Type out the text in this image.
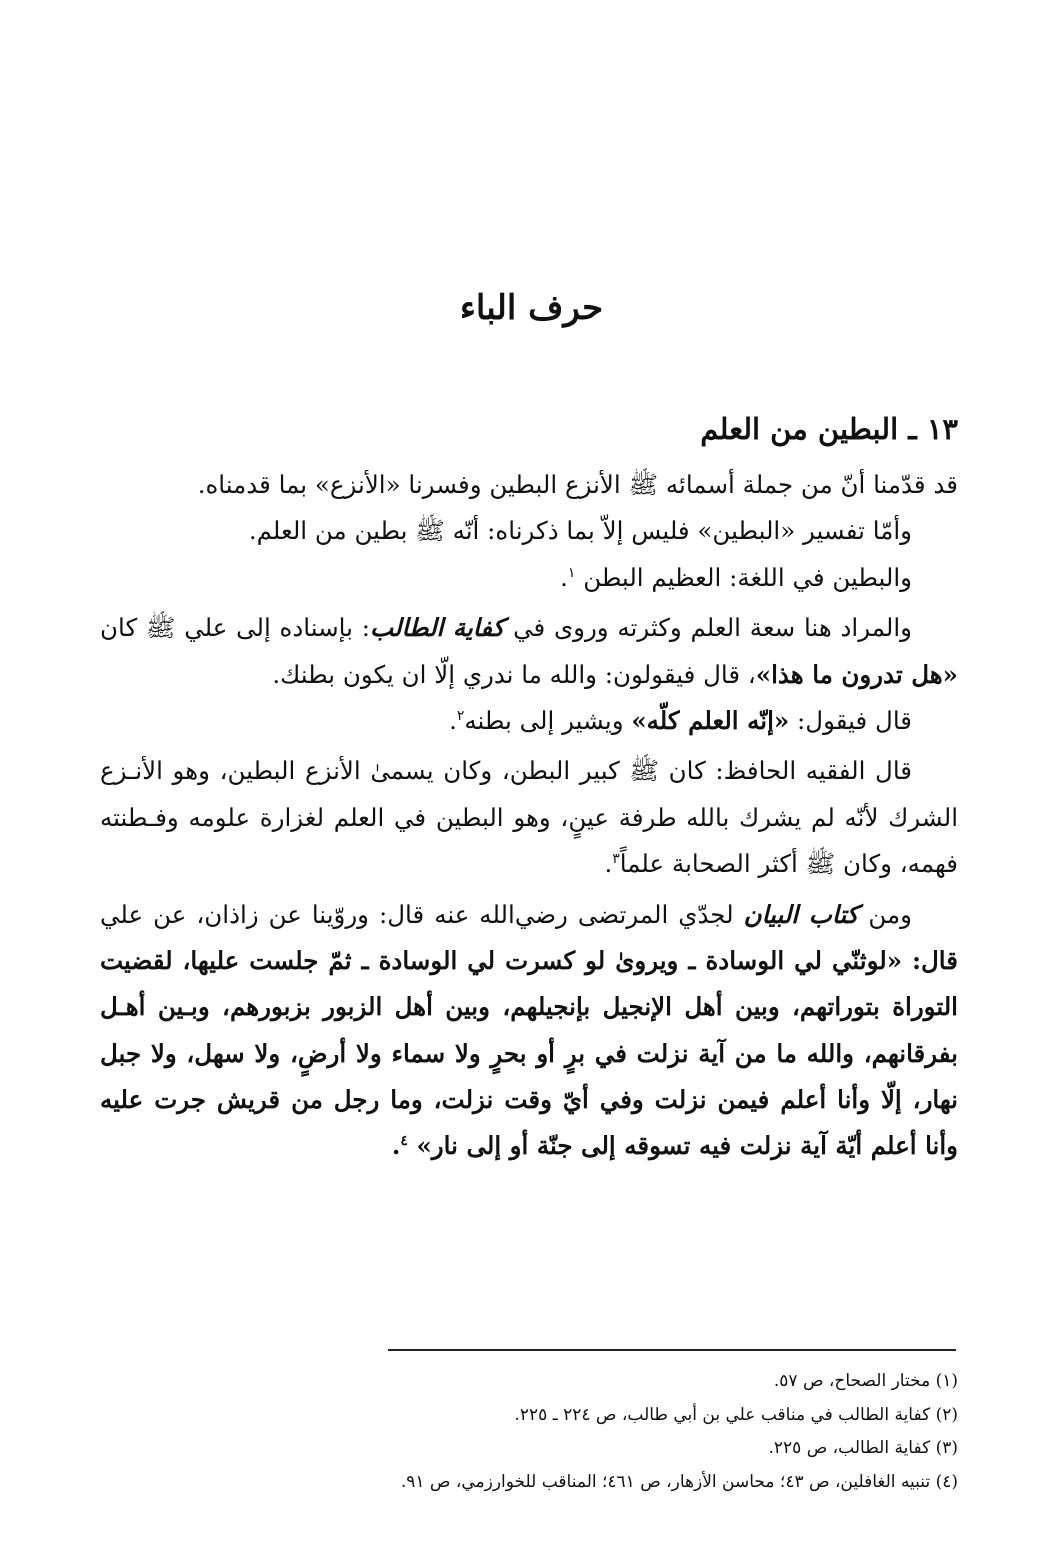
حرف الباء
١٣ ـ البطين من العلم
قد قدّمنا أنّ من جملة أسمائه ﷺ الأنزع البطين وفسرنا «الأنزع» بما قدمناه.
وأمّا تفسير «البطين» فليس إلاّ بما ذكرناه: أنّه ﷺ بطين من العلم.
والبطين في اللغة: العظيم البطن $^١$.
والمراد هنا سعة العلم وكثرته وروى في كفاية الطالب: بإسناده إلى علي ﷺ كان
«هل تدرون ما هذا»، قال فيقولون: والله ما ندري إلّا ان يكون بطنك.
قال فيقول: «إنّه العلم كلّه» ويشير إلى بطنه$^٢$.
قال الفقيه الحافظ: كان ﷺ كبير البطن، وكان يسمىٰ الأنزع البطين، وهو الأنـزع
الشرك لأنّه لم يشرك بالله طرفة عينٍ، وهو البطين في العلم لغزارة علومه وفـطنته
فهمه، وكان ﷺ أكثر الصحابة علماً$^٣$.
ومن كتاب البيان لجدّي المرتضى رضي‌الله عنه قال: وروّينا عن زاذان، عن علي
قال: «لوثنّي لي الوسادة ـ ويروىٰ لو كسرت لي الوسادة ـ ثمّ جلست عليها، لقضيت
التوراة بتوراتهم، وبين أهل الإنجيل بإنجيلهم، وبين أهل الزبور بزبورهم، وبـين أهـل
بفرقانهم، والله ما من آية نزلت في برٍ أو بحرٍ ولا سماء ولا أرضٍ، ولا سهل، ولا جبل
نهار، إلّا وأنا أعلم فيمن نزلت وفي أيّ وقت نزلت، وما رجل من قريش جرت عليه
وأنا أعلم أيّة آية نزلت فيه تسوقه إلى جنّة أو إلى نار» $^٤$.
(١) مختار الصحاح، ص ٥٧.
(٢) كفاية الطالب في مناقب علي بن أبي طالب، ص ٢٢٤ ـ ٢٢٥.
(٣) كفاية الطالب، ص ٢٢٥.
(٤) تنبيه الغافلين، ص ٤٣؛ محاسن الأزهار، ص ٤٦١؛ المناقب للخوارزمي، ص ٩١.
